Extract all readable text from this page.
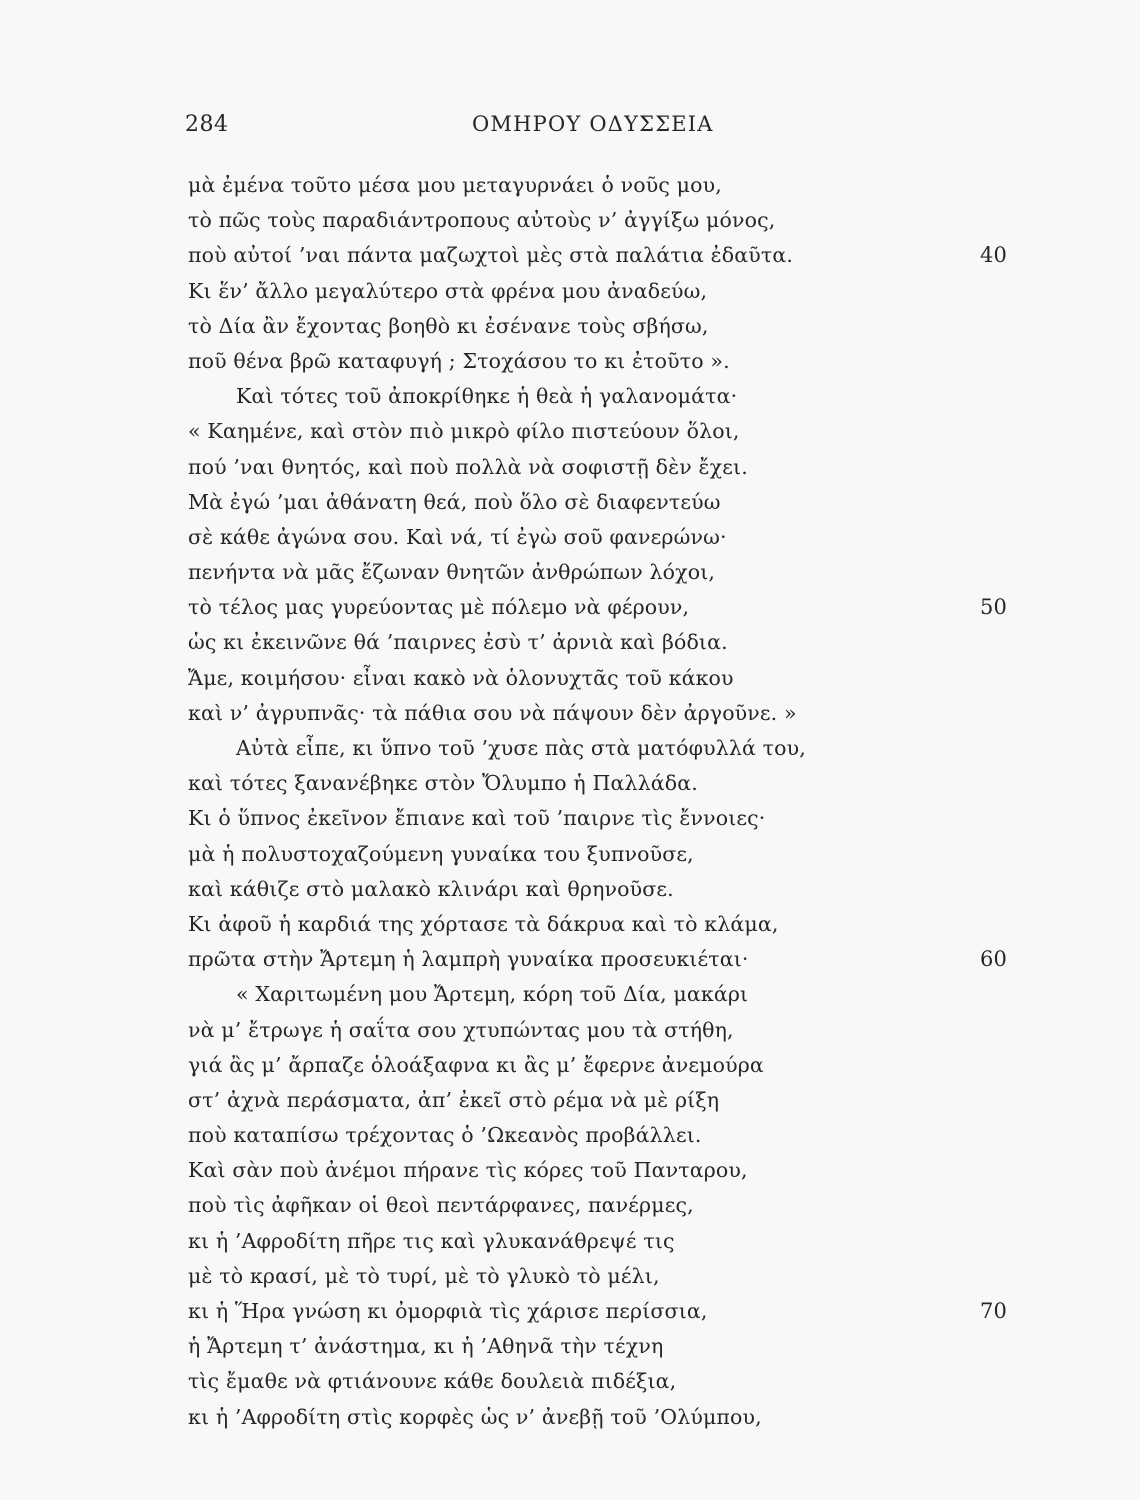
284	ΟΜΗΡΟΥ ΟΔΥΣΣΕΙΑ
μὰ ἐμένα τοῦτο μέσα μου μεταγυρνάει ὁ νοῦς μου,
τὸ πῶς τοὺς παραδιάντροπους αὐτοὺς ν’ ἀγγίξω μόνος,
ποὺ αὐτοί ’ναι πάντα μαζωχτοὶ μὲς στὰ παλάτια ἐδαῦτα.	40
Κι ἕν’ ἄλλο μεγαλύτερο στὰ φρένα μου ἀναδεύω,
τὸ Δία ἂν ἔχοντας βοηθὸ κι ἐσένανε τοὺς σβήσω,
ποῦ θένα βρῶ καταφυγή ; Στοχάσου το κι ἐτοῦτο ».
Καὶ τότες τοῦ ἀποκρίθηκε ἡ θεὰ ἡ γαλανομάτα·
« Καημένε, καὶ στὸν πιὸ μικρὸ φίλο πιστεύουν ὅλοι,
πού ’ναι θνητός, καὶ ποὺ πολλὰ νὰ σοφιστῇ δὲν ἔχει.
Μὰ ἐγώ ’μαι ἀθάνατη θεά, ποὺ ὅλο σὲ διαφεντεύω
σὲ κάθε ἀγώνα σου. Καὶ νά, τί ἐγὼ σοῦ φανερώνω·
πενήντα νὰ μᾶς ἔζωναν θνητῶν ἀνθρώπων λόχοι,
τὸ τέλος μας γυρεύοντας μὲ πόλεμο νὰ φέρουν,	50
ὡς κι ἐκεινῶνε θά ’παιρνες ἐσὺ τ’ ἀρνιὰ καὶ βόδια.
Ἄμε, κοιμήσου· εἶναι κακὸ νὰ ὁλονυχτᾶς τοῦ κάκου
καὶ ν’ ἀγρυπνᾶς· τὰ πάθια σου νὰ πάψουν δὲν ἀργοῦνε. »
Αὐτὰ εἶπε, κι ὕπνο τοῦ ’χυσε πὰς στὰ ματόφυλλά του,
καὶ τότες ξανανέβηκε στὸν Ὄλυμπο ἡ Παλλάδα.
Κι ὁ ὕπνος ἐκεῖνον ἔπιανε καὶ τοῦ ’παιρνε τὶς ἔννοιες·
μὰ ἡ πολυστοχαζούμενη γυναίκα του ξυπνοῦσε,
καὶ κάθιζε στὸ μαλακὸ κλινάρι καὶ θρηνοῦσε.
Κι ἀφοῦ ἡ καρδιά της χόρτασε τὰ δάκρυα καὶ τὸ κλάμα,
πρῶτα στὴν Ἄρτεμη ἡ λαμπρὴ γυναίκα προσευκιέται·	60
« Χαριτωμένη μου Ἄρτεμη, κόρη τοῦ Δία, μακάρι
νὰ μ’ ἔτρωγε ἡ σαΐτα σου χτυπώντας μου τὰ στήθη,
γιά ἂς μ’ ἄρπαζε ὁλοάξαφνα κι ἂς μ’ ἔφερνε ἀνεμούρα
στ’ ἀχνὰ περάσματα, ἀπ’ ἐκεῖ στὸ ρέμα νὰ μὲ ρίξη
ποὺ καταπίσω τρέχοντας ὁ ’Ωκεανὸς προβάλλει.
Καὶ σὰν ποὺ ἀνέμοι πήρανε τὶς κόρες τοῦ Πανταρου,
ποὺ τὶς ἀφῆκαν οἱ θεοὶ πεντάρφανες, πανέρμες,
κι ἡ ’Αφροδίτη πῆρε τις καὶ γλυκανάθρεψέ τις
μὲ τὸ κρασί, μὲ τὸ τυρί, μὲ τὸ γλυκὸ τὸ μέλι,
κι ἡ Ἥρα γνώση κι ὀμορφιὰ τὶς χάρισε περίσσια,	70
ἡ Ἄρτεμη τ’ ἀνάστημα, κι ἡ ’Αθηνᾶ τὴν τέχνη
τὶς ἔμαθε νὰ φτιάνουνε κάθε δουλειὰ πιδέξια,
κι ἡ ’Αφροδίτη στὶς κορφὲς ὡς ν’ ἀνεβῇ τοῦ ’Ολύμπου,
